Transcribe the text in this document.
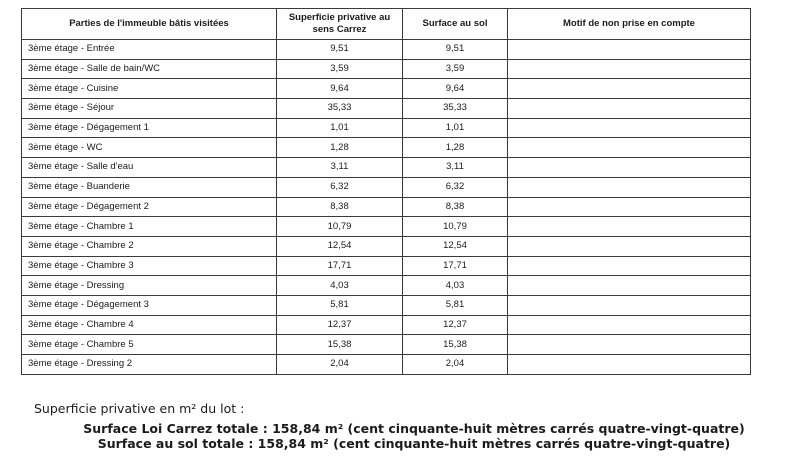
Parties de l'immeuble bâtis visitées	Superficie privative au sens Carrez	Surface au sol	Motif de non prise en compte
3ème étage - Entrée	9,51	9,51	
3ème étage - Salle de bain/WC	3,59	3,59	
3ème étage - Cuisine	9,64	9,64	
3ème étage - Séjour	35,33	35,33	
3ème étage - Dégagement 1	1,01	1,01	
3ème étage - WC	1,28	1,28	
3ème étage - Salle d'eau	3,11	3,11	
3ème étage - Buanderie	6,32	6,32	
3ème étage - Dégagement 2	8,38	8,38	
3ème étage - Chambre 1	10,79	10,79	
3ème étage - Chambre 2	12,54	12,54	
3ème étage - Chambre 3	17,71	17,71	
3ème étage - Dressing	4,03	4,03	
3ème étage - Dégagement 3	5,81	5,81	
3ème étage - Chambre 4	12,37	12,37	
3ème étage - Chambre 5	15,38	15,38	
3ème étage - Dressing 2	2,04	2,04	
Superficie privative en m² du lot :
Surface Loi Carrez totale : 158,84 m² (cent cinquante-huit mètres carrés quatre-vingt-quatre)
Surface au sol totale : 158,84 m² (cent cinquante-huit mètres carrés quatre-vingt-quatre)
